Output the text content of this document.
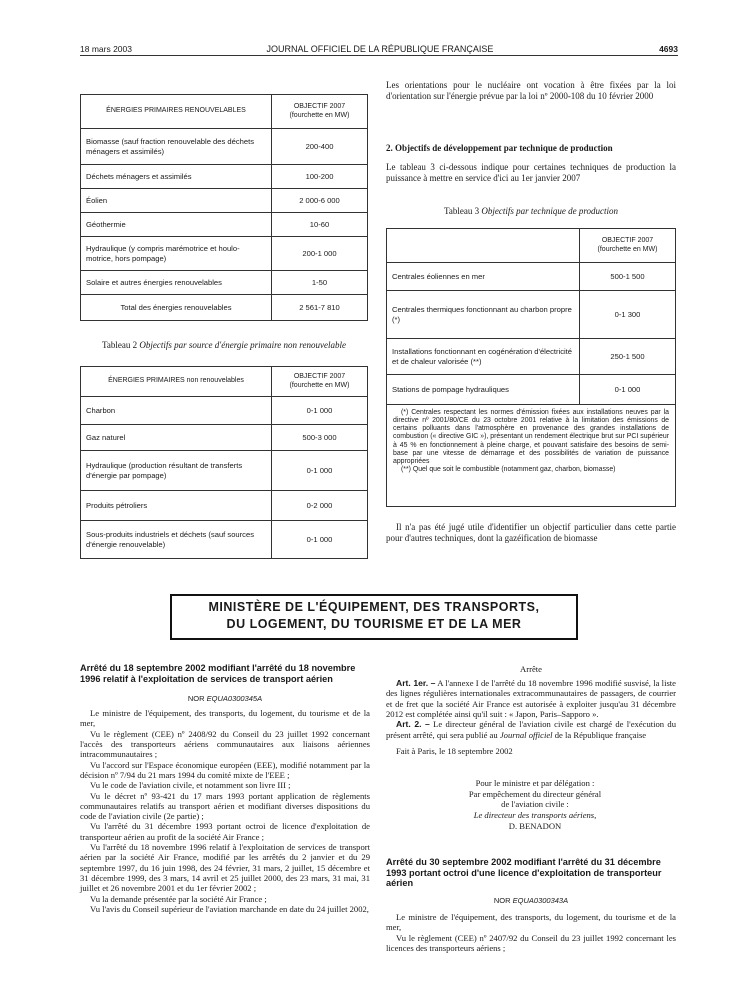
18 mars 2003	JOURNAL OFFICIEL DE LA RÉPUBLIQUE FRANÇAISE	4693
ÉNERGIES PRIMAIRES RENOUVELABLES	OBJECTIF 2007 (fourchette en MW)
Biomasse (sauf fraction renouvelable des déchets ménagers et assimilés)	200-400
Déchets ménagers et assimilés	100-200
Éolien	2 000-6 000
Géothermie	10-60
Hydraulique (y compris marémotrice et houlo-motrice, hors pompage)	200-1 000
Solaire et autres énergies renouvelables	1-50
Total des énergies renouvelables	2 561-7 810
Tableau 2 Objectifs par source d'énergie primaire non renouvelable
ÉNERGIES PRIMAIRES non renouvelables	OBJECTIF 2007 (fourchette en MW)
Charbon	0-1 000
Gaz naturel	500-3 000
Hydraulique (production résultant de transferts d'énergie par pompage)	0-1 000
Produits pétroliers	0-2 000
Sous-produits industriels et déchets (sauf sources d'énergie renouvelable)	0-1 000
Les orientations pour le nucléaire ont vocation à être fixées par la loi d'orientation sur l'énergie prévue par la loi nº 2000-108 du 10 février 2000
2. Objectifs de développement par technique de production
Le tableau 3 ci-dessous indique pour certaines techniques de production la puissance à mettre en service d'ici au 1er janvier 2007
Tableau 3 Objectifs par technique de production
	OBJECTIF 2007 (fourchette en MW)
Centrales éoliennes en mer	500-1 500
Centrales thermiques fonctionnant au charbon propre (*)	0-1 300
Installations fonctionnant en cogénération d'électricité et de chaleur valorisée (**)	250-1 500
Stations de pompage hydrauliques	0-1 000

(*) Centrales respectant les normes d'émission fixées aux installations neuves par la directive nº 2001/80/CE du 23 octobre 2001 relative à la limitation des émissions de certains polluants dans l'atmosphère en provenance des grandes installations de combustion (« directive GIC »), présentant un rendement électrique brut sur PCI supérieur à 45 % en fonctionnement à pleine charge, et pouvant satisfaire des besoins de semi-base par une vitesse de démarrage et des possibilités de variation de puissance appropriées
(**) Quel que soit le combustible (notamment gaz, charbon, biomasse)	
Il n'a pas été jugé utile d'identifier un objectif particulier dans cette partie pour d'autres techniques, dont la gazéification de biomasse
MINISTÈRE DE L'ÉQUIPEMENT, DES TRANSPORTS,
DU LOGEMENT, DU TOURISME ET DE LA MER
Arrêté du 18 septembre 2002 modifiant l'arrêté du 18 novembre 1996 relatif à l'exploitation de services de transport aérien
NOR EQUA0300345A

Le ministre de l'équipement, des transports, du logement, du tourisme et de la mer,

Vu le règlement (CEE) nº 2408/92 du Conseil du 23 juillet 1992 concernant l'accès des transporteurs aériens communautaires aux liaisons aériennes intracommunautaires ;

Vu l'accord sur l'Espace économique européen (EEE), modifié notamment par la décision nº 7/94 du 21 mars 1994 du comité mixte de l'EEE ;

Vu le code de l'aviation civile, et notamment son livre III ;

Vu le décret nº 93-421 du 17 mars 1993 portant application de règlements communautaires relatifs au transport aérien et modifiant diverses dispositions du code de l'aviation civile (2e partie) ;

Vu l'arrêté du 31 décembre 1993 portant octroi de licence d'exploitation de transporteur aérien au profit de la société Air France ;

Vu l'arrêté du 18 novembre 1996 relatif à l'exploitation de services de transport aérien par la société Air France, modifié par les arrêtés du 2 janvier et du 29 septembre 1997, du 16 juin 1998, des 24 février, 31 mars, 2 juillet, 15 décembre et 31 décembre 1999, des 3 mars, 14 avril et 25 juillet 2000, des 23 mars, 31 mai, 31 juillet et 26 novembre 2001 et du 1er février 2002 ;

Vu la demande présentée par la société Air France ;

Vu l'avis du Conseil supérieur de l'aviation marchande en date du 24 juillet 2002,

Arrête

Art. 1er. – A l'annexe I de l'arrêté du 18 novembre 1996 modifié susvisé, la liste des lignes régulières internationales extracommunautaires de passagers, de courrier et de fret que la société Air France est autorisée à exploiter jusqu'au 31 décembre 2012 est complétée ainsi qu'il suit : « Japon, Paris–Sapporo ».

Art. 2. – Le directeur général de l'aviation civile est chargé de l'exécution du présent arrêté, qui sera publié au Journal officiel de la République française

Fait à Paris, le 18 septembre 2002

Pour le ministre et par délégation :
Par empêchement du directeur général
de l'aviation civile :
Le directeur des transports aériens,
D. BENADON
Arrêté du 30 septembre 2002 modifiant l'arrêté du 31 décembre 1993 portant octroi d'une licence d'exploitation de transporteur aérien
NOR EQUA0300343A

Le ministre de l'équipement, des transports, du logement, du tourisme et de la mer,

Vu le règlement (CEE) nº 2407/92 du Conseil du 23 juillet 1992 concernant les licences des transporteurs aériens ;
